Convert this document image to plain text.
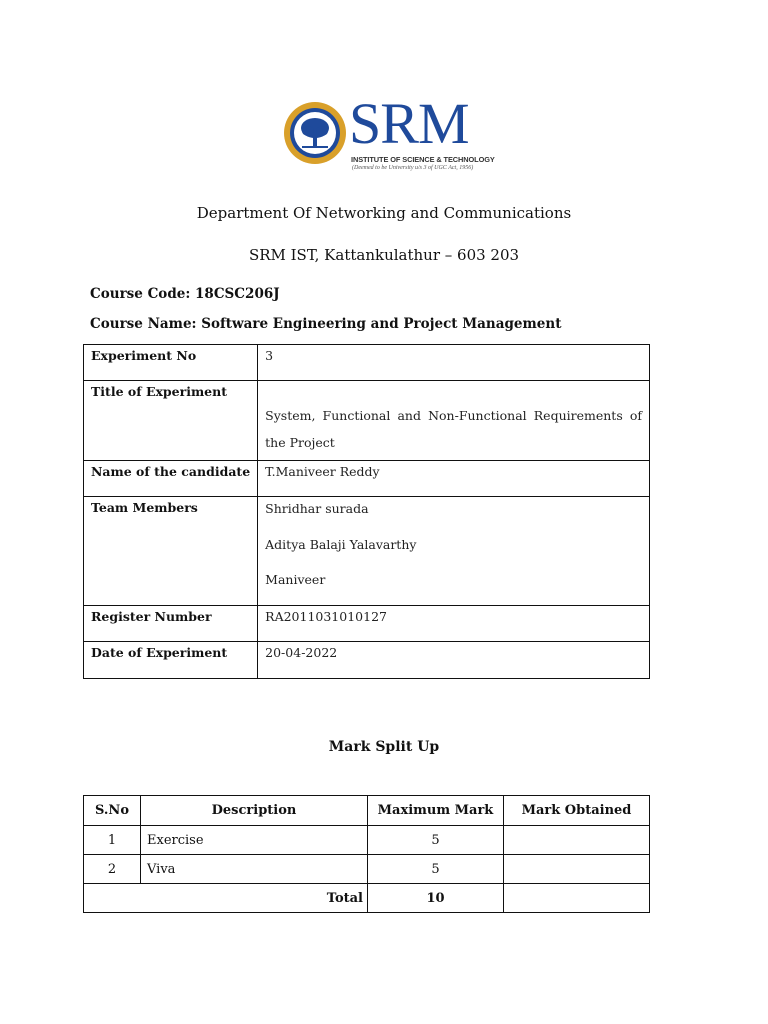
SRM
INSTITUTE OF SCIENCE & TECHNOLOGY
(Deemed to be University u/s 3 of UGC Act, 1956)
Department Of Networking and Communications
SRM IST, Kattankulathur – 603 203
Course Code: 18CSC206J
Course Name: Software Engineering and Project Management
Experiment No	3
Title of Experiment	System, Functional and Non-Functional Requirements of the Project

Name of the candidate	T.Maniveer Reddy
Team Members	Shridhar surada
Aditya Balaji Yalavarthy
Maniveer

Register Number	RA2011031010127
Date of Experiment	20-04-2022
Mark Split Up
S.No	Description	Maximum Mark	Mark Obtained
1	Exercise	5	
2	Viva	5	
Total		10	
